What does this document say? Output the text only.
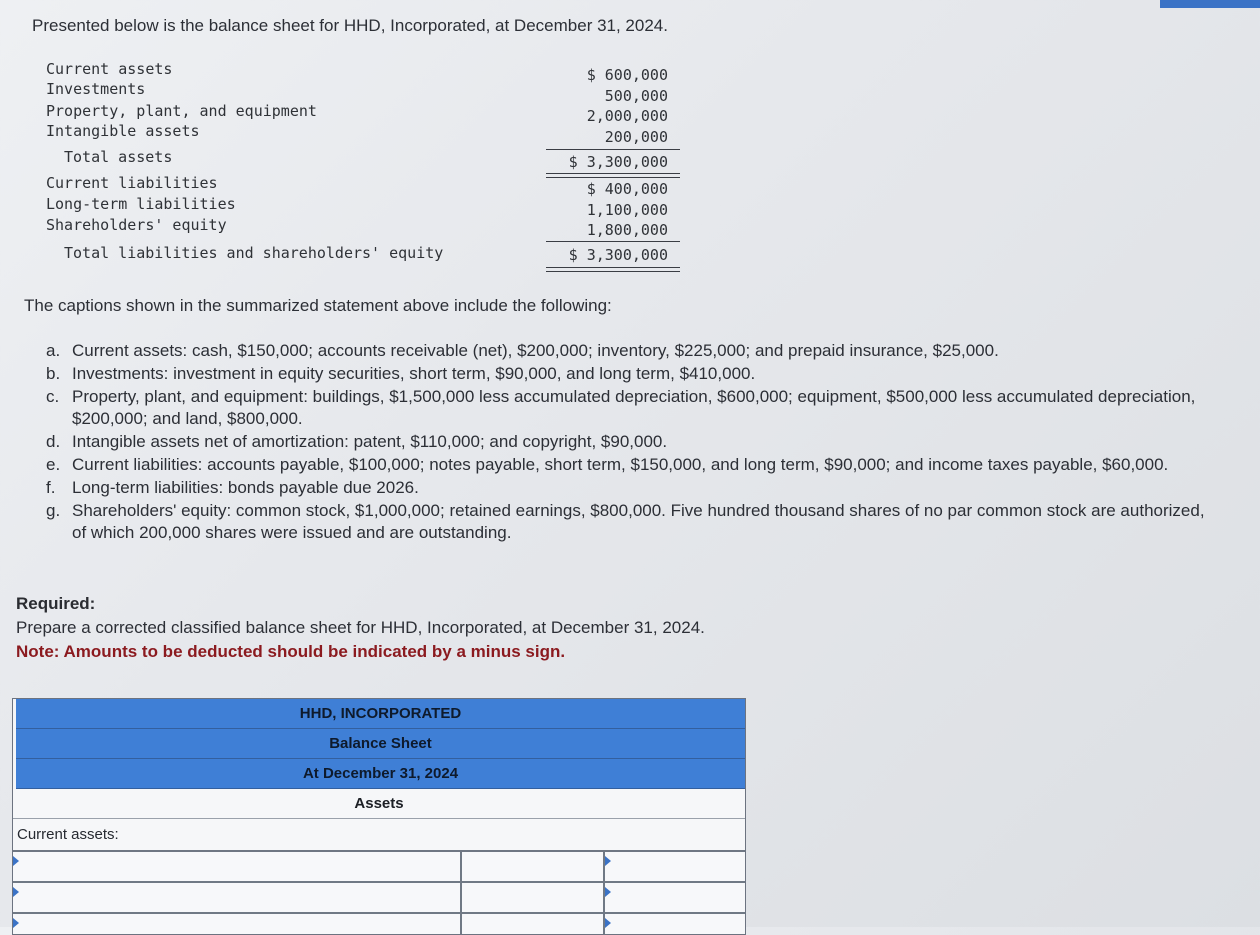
Presented below is the balance sheet for HHD, Incorporated, at December 31, 2024.

Current assets	$ 600,000
Investments	500,000
Property, plant, and equipment	2,000,000
Intangible assets	200,000
Total assets	$ 3,300,000
Current liabilities	$ 400,000
Long-term liabilities	1,100,000
Shareholders' equity	1,800,000
Total liabilities and shareholders' equity	$ 3,300,000

The captions shown in the summarized statement above include the following:

a. Current assets: cash, $150,000; accounts receivable (net), $200,000; inventory, $225,000; and prepaid insurance, $25,000.
b. Investments: investment in equity securities, short term, $90,000, and long term, $410,000.
c. Property, plant, and equipment: buildings, $1,500,000 less accumulated depreciation, $600,000; equipment, $500,000 less accumulated depreciation, $200,000; and land, $800,000.
d. Intangible assets net of amortization: patent, $110,000; and copyright, $90,000.
e. Current liabilities: accounts payable, $100,000; notes payable, short term, $150,000, and long term, $90,000; and income taxes payable, $60,000.
f. Long-term liabilities: bonds payable due 2026.
g. Shareholders' equity: common stock, $1,000,000; retained earnings, $800,000. Five hundred thousand shares of no par common stock are authorized, of which 200,000 shares were issued and are outstanding.

Required:

Prepare a corrected classified balance sheet for HHD, Incorporated, at December 31, 2024.

Note: Amounts to be deducted should be indicated by a minus sign.

HHD, INCORPORATED
Balance Sheet
At December 31, 2024
Assets
Current assets:
